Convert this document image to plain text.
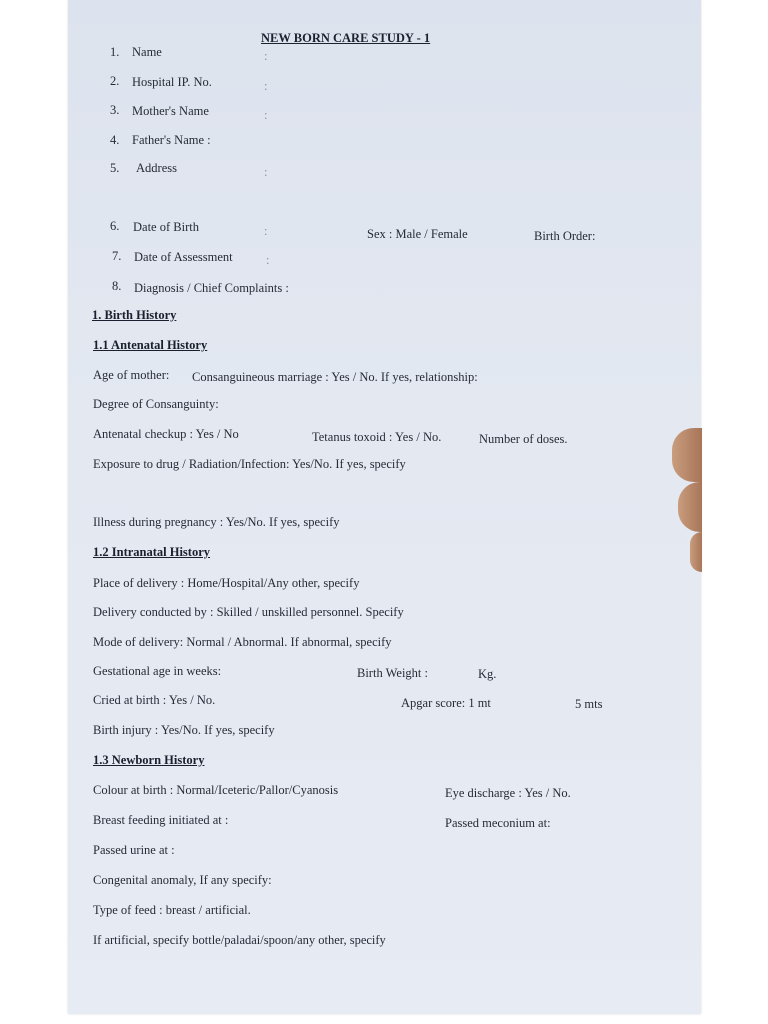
NEW BORN CARE STUDY - 1
1. Name	:
2. Hospital IP. No.	:
3. Mother's Name	:
4. Father's Name :
5. Address	:
6. Date of Birth	:	Sex : Male / Female	Birth Order:
7. Date of Assessment	:
8. Diagnosis / Chief Complaints :
1. Birth History
1.1 Antenatal History
Age of mother: Consanguineous marriage : Yes / No. If yes, relationship:
Degree of Consanguinty:
Antenatal checkup : Yes / No	Tetanus toxoid : Yes / No.	Number of doses.
Exposure to drug / Radiation/Infection: Yes/No. If yes, specify
Illness during pregnancy : Yes/No. If yes, specify
1.2 Intranatal History
Place of delivery : Home/Hospital/Any other, specify
Delivery conducted by : Skilled / unskilled personnel. Specify
Mode of delivery: Normal / Abnormal. If abnormal, specify
Gestational age in weeks:	Birth Weight :	Kg.
Cried at birth : Yes / No.	Apgar score: 1 mt	5 mts
Birth injury : Yes/No. If yes, specify
1.3 Newborn History
Colour at birth : Normal/Iceteric/Pallor/Cyanosis	Eye discharge : Yes / No.
Breast feeding initiated at :	Passed meconium at:
Passed urine at :
Congenital anomaly, If any specify:
Type of feed : breast / artificial.
If artificial, specify bottle/paladai/spoon/any other, specify
